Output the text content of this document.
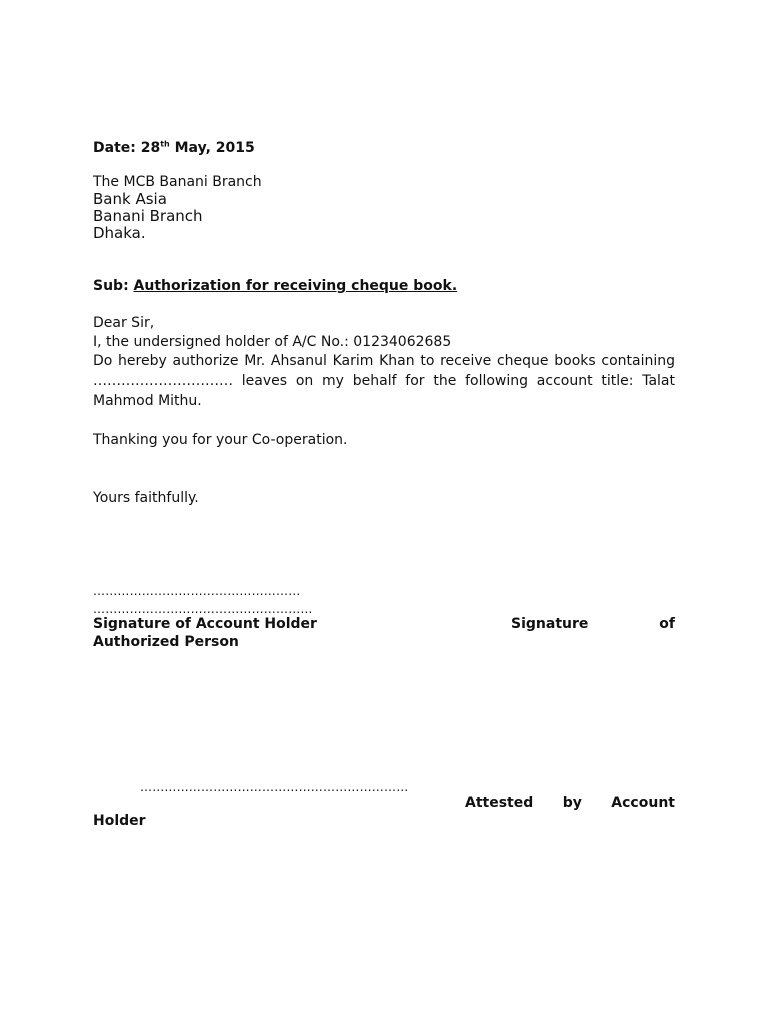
Date: 28th May, 2015
The MCB Banani Branch
Bank Asia
Banani Branch
Dhaka.
Sub: Authorization for receiving cheque book.
Dear Sir,
I, the undersigned holder of A/C No.: 01234062685
Do hereby authorize Mr. Ahsanul Karim Khan to receive cheque books containing ………………………… leaves on my behalf for the following account title: Talat Mahmod Mithu.
Thanking you for your Co-operation.
Yours faithfully.
……………………………………………
………………………………………………
Signature of Account Holder	Signature	of
Authorized Person
…………………………………………………………
Attested by Account
Holder
